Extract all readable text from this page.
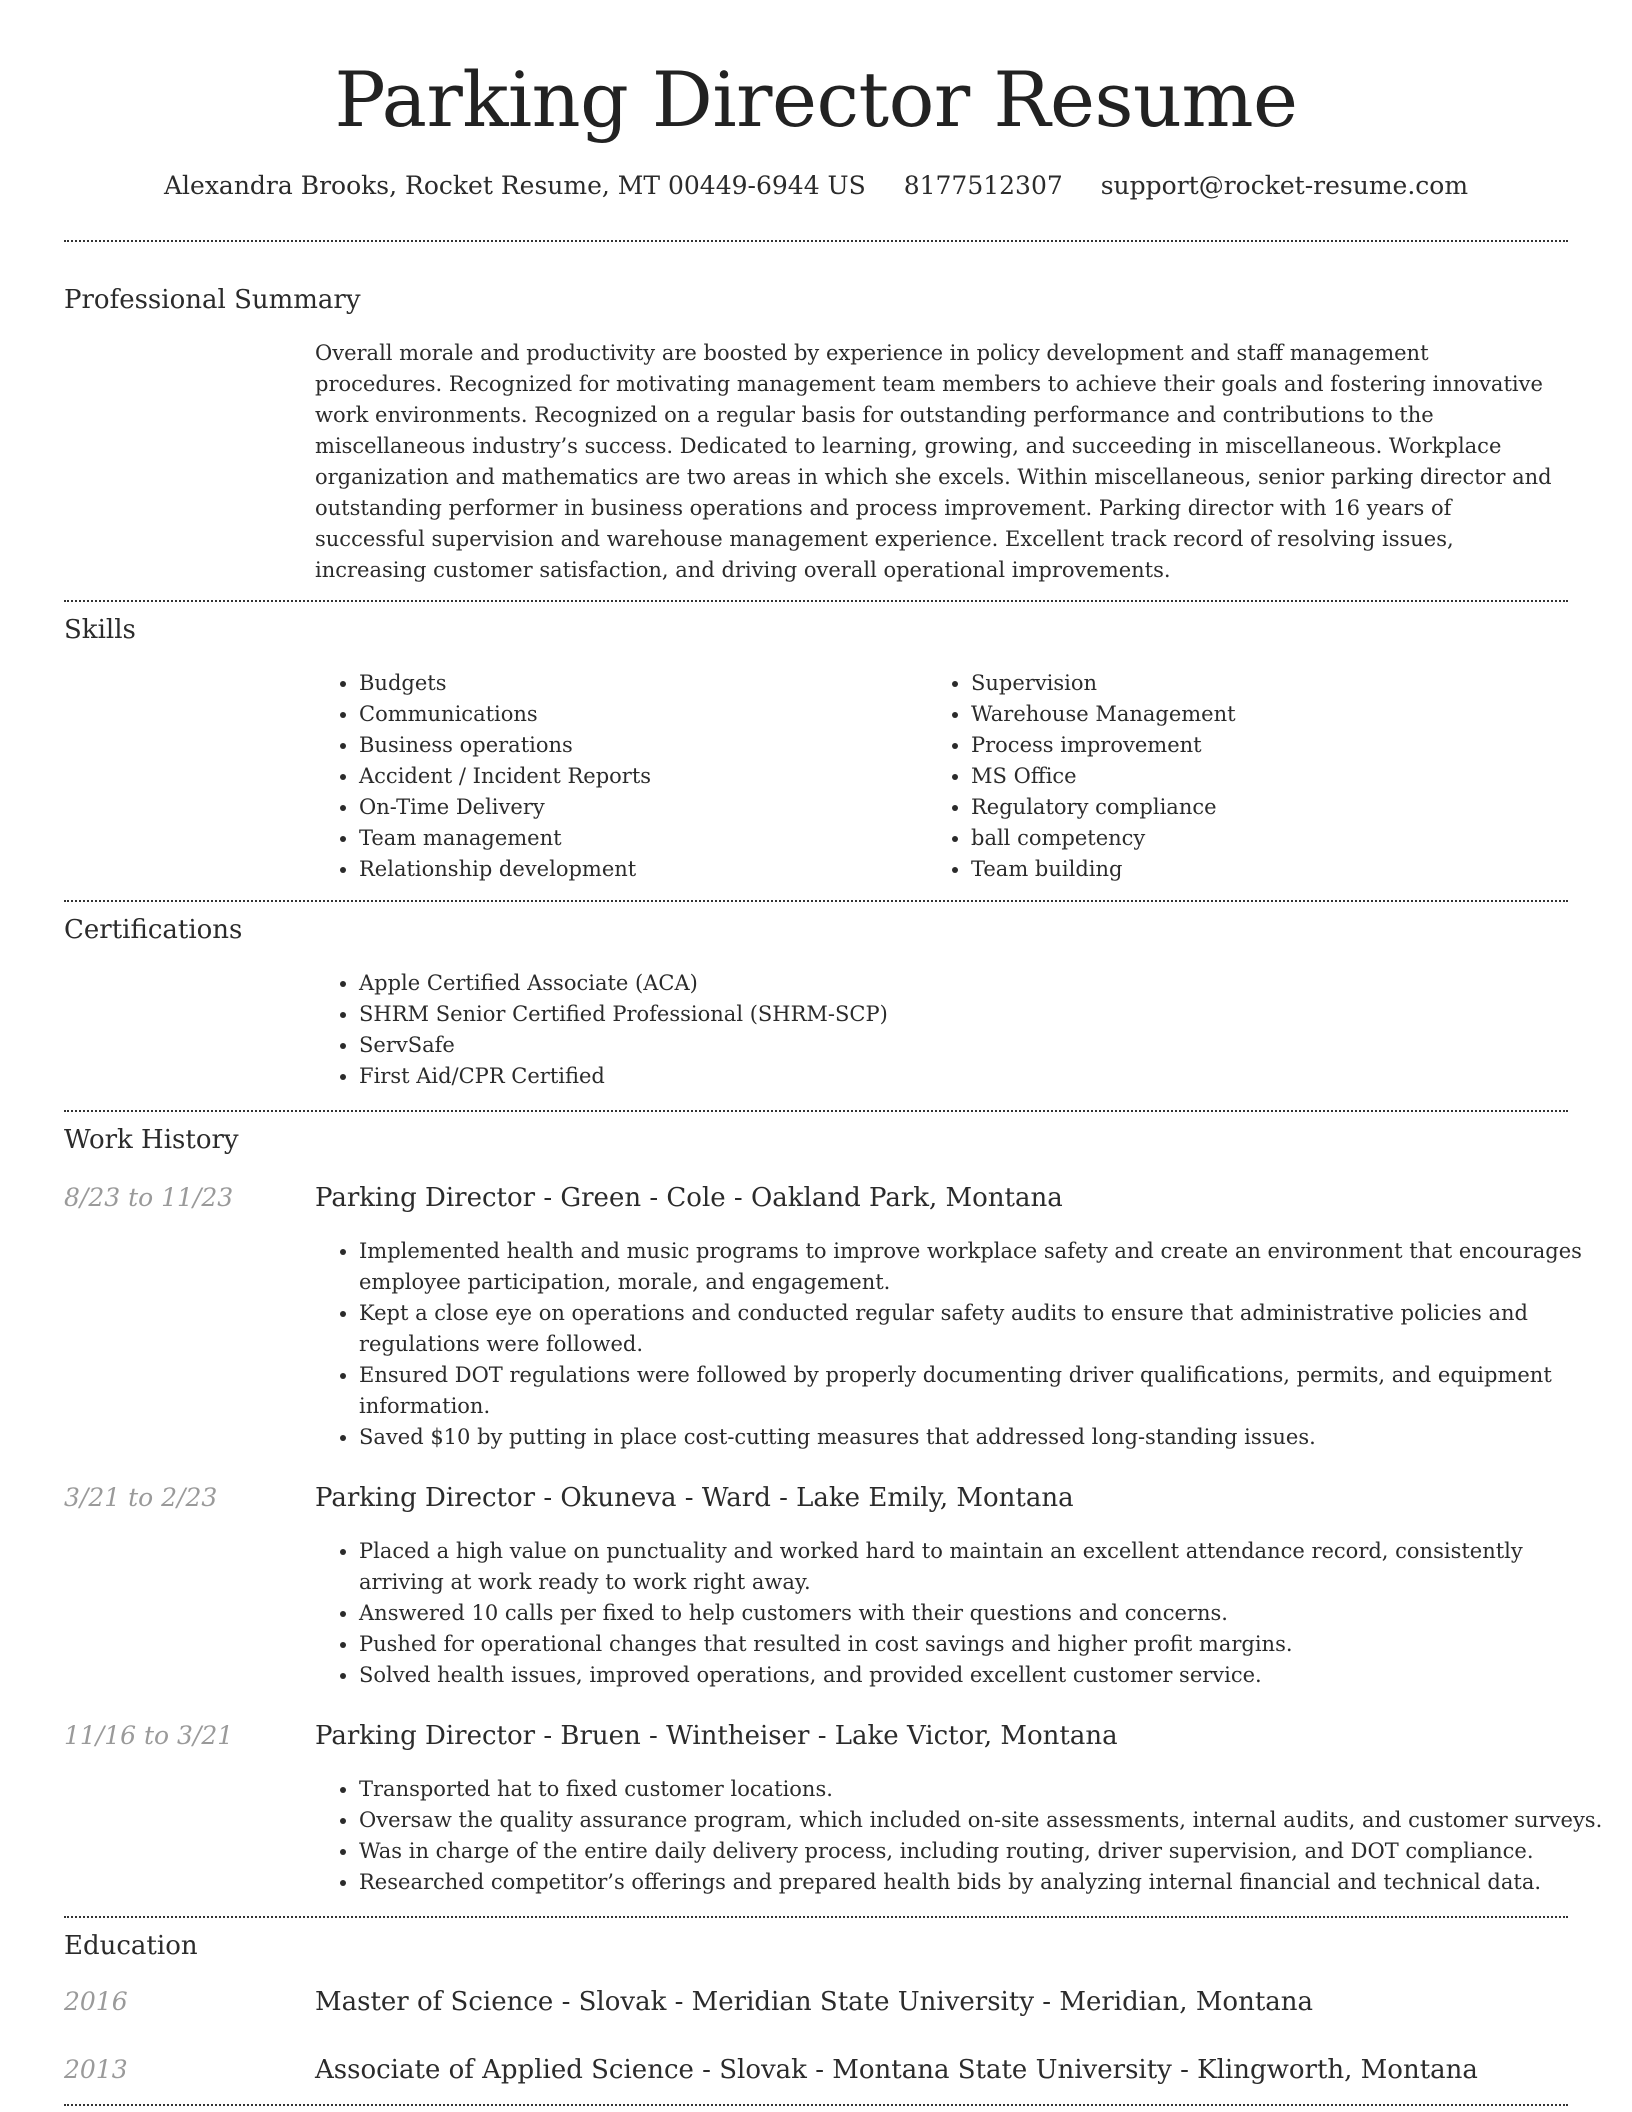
Parking Director Resume
Alexandra Brooks, Rocket Resume, MT 00449-6944 US 8177512307 support@rocket-resume.com
Professional Summary

Overall morale and productivity are boosted by experience in policy development and staff management procedures. Recognized for motivating management team members to achieve their goals and fostering innovative work environments. Recognized on a regular basis for outstanding performance and contributions to the miscellaneous industry’s success. Dedicated to learning, growing, and succeeding in miscellaneous. Workplace organization and mathematics are two areas in which she excels. Within miscellaneous, senior parking director and outstanding performer in business operations and process improvement. Parking director with 16 years of successful supervision and warehouse management experience. Excellent track record of resolving issues, increasing customer satisfaction, and driving overall operational improvements.

Skills
• Budgets
• Communications
• Business operations
• Accident / Incident Reports
• On-Time Delivery
• Team management
• Relationship development
• Supervision
• Warehouse Management
• Process improvement
• MS Office
• Regulatory compliance
• ball competency
• Team building
Certifications
• Apple Certified Associate (ACA)
• SHRM Senior Certified Professional (SHRM-SCP)
• ServSafe
• First Aid/CPR Certified
Work History
8/23 to 11/23	Parking Director - Green - Cole - Oakland Park, Montana
• Implemented health and music programs to improve workplace safety and create an environment that encourages employee participation, morale, and engagement.
• Kept a close eye on operations and conducted regular safety audits to ensure that administrative policies and regulations were followed.
• Ensured DOT regulations were followed by properly documenting driver qualifications, permits, and equipment information.
• Saved $10 by putting in place cost-cutting measures that addressed long-standing issues.
3/21 to 2/23	Parking Director - Okuneva - Ward - Lake Emily, Montana
• Placed a high value on punctuality and worked hard to maintain an excellent attendance record, consistently arriving at work ready to work right away.
• Answered 10 calls per fixed to help customers with their questions and concerns.
• Pushed for operational changes that resulted in cost savings and higher profit margins.
• Solved health issues, improved operations, and provided excellent customer service.
11/16 to 3/21	Parking Director - Bruen - Wintheiser - Lake Victor, Montana
• Transported hat to fixed customer locations.
• Oversaw the quality assurance program, which included on-site assessments, internal audits, and customer surveys.
• Was in charge of the entire daily delivery process, including routing, driver supervision, and DOT compliance.
• Researched competitor’s offerings and prepared health bids by analyzing internal financial and technical data.
Education
2016	Master of Science - Slovak - Meridian State University - Meridian, Montana
2013	Associate of Applied Science - Slovak - Montana State University - Klingworth, Montana
